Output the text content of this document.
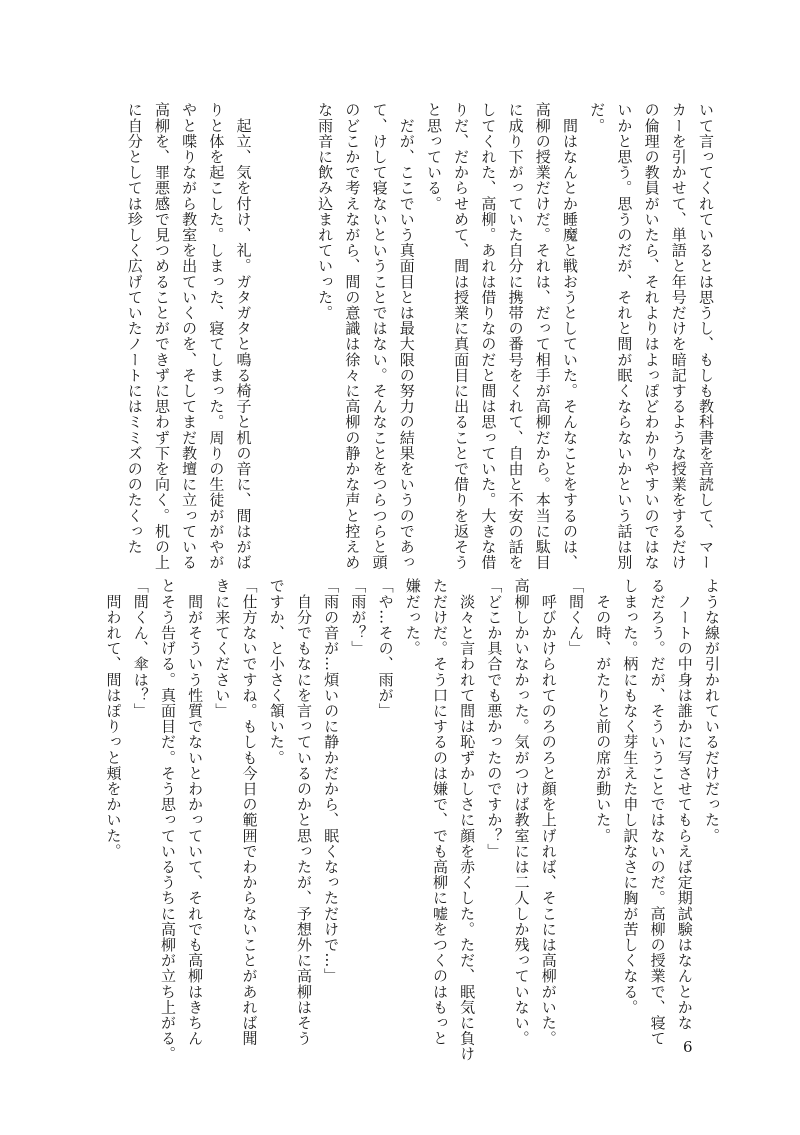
いて言ってくれているとは思うし、もしも教科書を音読して、マー
カーを引かせて、単語と年号だけを暗記するような授業をするだけ
の倫理の教員がいたら、それよりはよっぽどわかりやすいのではな
いかと思う。思うのだが、それと間が眠くならないかという話は別
だ。
　間はなんとか睡魔と戦おうとしていた。そんなことをするのは、
高柳の授業だけだ。それは、だって相手が高柳だから。本当に駄目
に成り下がっていた自分に携帯の番号をくれて、自由と不安の話を
してくれた、高柳。あれは借りなのだと間は思っていた。大きな借
りだ、だからせめて、間は授業に真面目に出ることで借りを返そう
と思っている。
　だが、ここでいう真面目とは最大限の努力の結果をいうのであっ
て、けして寝ないということではない。そんなことをつらつらと頭
のどこかで考えながら、間の意識は徐々に高柳の静かな声と控えめ
な雨音に飲み込まれていった。

　起立、気を付け、礼。ガタガタと鳴る椅子と机の音に、間はがば
りと体を起こした。しまった、寝てしまった。周りの生徒ががやが
やと喋りながら教室を出ていくのを、そしてまだ教壇に立っている
高柳を、罪悪感で見つめることができずに思わず下を向く。机の上
に自分としては珍しく広げていたノートにはミミズののたくった
ような線が引かれているだけだった。
　ノートの中身は誰かに写させてもらえば定期試験はなんとかな
るだろう。だが、そういうことではないのだ。高柳の授業で、寝て
しまった。柄にもなく芽生えた申し訳なさに胸が苦しくなる。
　その時、がたりと前の席が動いた。
「間くん」
　呼びかけられてのろのろと顔を上げれば、そこには高柳がいた。
高柳しかいなかった。気がつけば教室には二人しか残っていない。
「どこか具合でも悪かったのですか？」
　淡々と言われて間は恥ずかしさに顔を赤くした。ただ、眠気に負け
ただけだ。そう口にするのは嫌で、でも高柳に嘘をつくのはもっと
嫌だった。
「や…その、雨が」
「雨が？」
「雨の音が…煩いのに静かだから、眠くなっただけで…」
　自分でもなにを言っているのかと思ったが、予想外に高柳はそう
ですか、と小さく頷いた。
「仕方ないですね。もしも今日の範囲でわからないことがあれば聞
きに来てください」
　間がそういう性質でないとわかっていて、それでも高柳はきちん
とそう告げる。真面目だ。そう思っているうちに高柳が立ち上がる。
「間くん、傘は？」
　問われて、間はぽりっと頬をかいた。
6
